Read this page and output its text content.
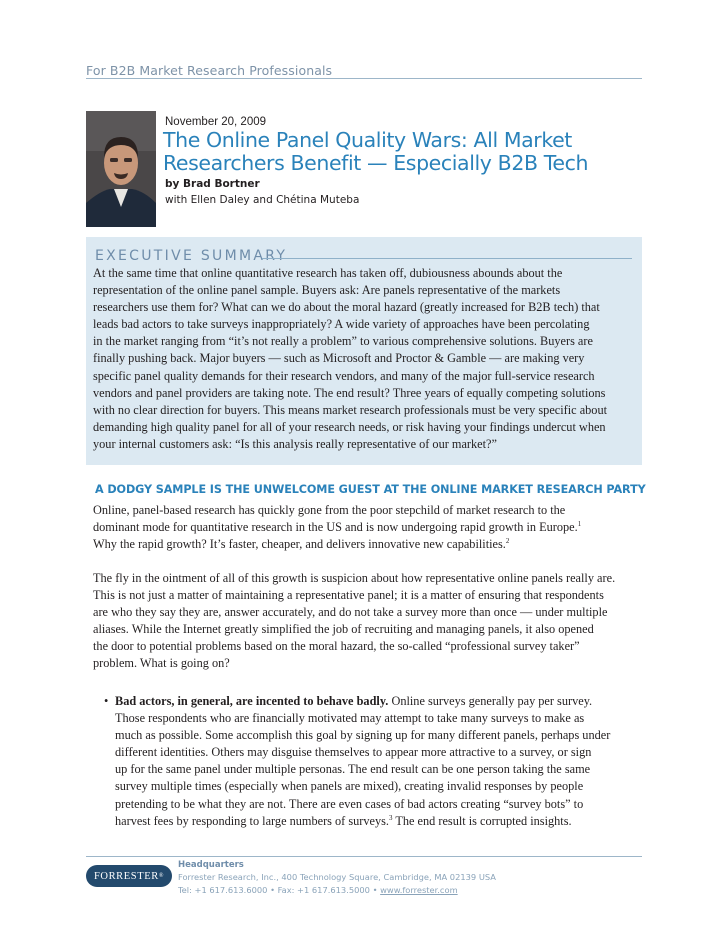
For B2B Market Research Professionals
November 20, 2009
The Online Panel Quality Wars: All Market
Researchers Benefit — Especially B2B Tech
by Brad Bortner
with Ellen Daley and Chétina Muteba
EXECUTIVE SUMMARY
At the same time that online quantitative research has taken off, dubiousness abounds about the
representation of the online panel sample. Buyers ask: Are panels representative of the markets
researchers use them for? What can we do about the moral hazard (greatly increased for B2B tech) that
leads bad actors to take surveys inappropriately? A wide variety of approaches have been percolating
in the market ranging from “it’s not really a problem” to various comprehensive solutions. Buyers are
finally pushing back. Major buyers — such as Microsoft and Proctor & Gamble — are making very
specific panel quality demands for their research vendors, and many of the major full-service research
vendors and panel providers are taking note. The end result? Three years of equally competing solutions
with no clear direction for buyers. This means market research professionals must be very specific about
demanding high quality panel for all of your research needs, or risk having your findings undercut when
your internal customers ask: “Is this analysis really representative of our market?”
A DODGY SAMPLE IS THE UNWELCOME GUEST AT THE ONLINE MARKET RESEARCH PARTY
Online, panel-based research has quickly gone from the poor stepchild of market research to the
dominant mode for quantitative research in the US and is now undergoing rapid growth in Europe.$^1$
Why the rapid growth? It’s faster, cheaper, and delivers innovative new capabilities.$^2$
The fly in the ointment of all of this growth is suspicion about how representative online panels really are.
This is not just a matter of maintaining a representative panel; it is a matter of ensuring that respondents
are who they say they are, answer accurately, and do not take a survey more than once — under multiple
aliases. While the Internet greatly simplified the job of recruiting and managing panels, it also opened
the door to potential problems based on the moral hazard, the so-called “professional survey taker”
problem. What is going on?
• Bad actors, in general, are incented to behave badly. Online surveys generally pay per survey.
Those respondents who are financially motivated may attempt to take many surveys to make as
much as possible. Some accomplish this goal by signing up for many different panels, perhaps under
different identities. Others may disguise themselves to appear more attractive to a survey, or sign
up for the same panel under multiple personas. The end result can be one person taking the same
survey multiple times (especially when panels are mixed), creating invalid responses by people
pretending to be what they are not. There are even cases of bad actors creating “survey bots” to
harvest fees by responding to large numbers of surveys.$^3$ The end result is corrupted insights.
FORRESTER ®
Headquarters
Forrester Research, Inc., 400 Technology Square, Cambridge, MA 02139 USA
Tel: +1 617.613.6000 • Fax: +1 617.613.5000 • www.forrester.com
